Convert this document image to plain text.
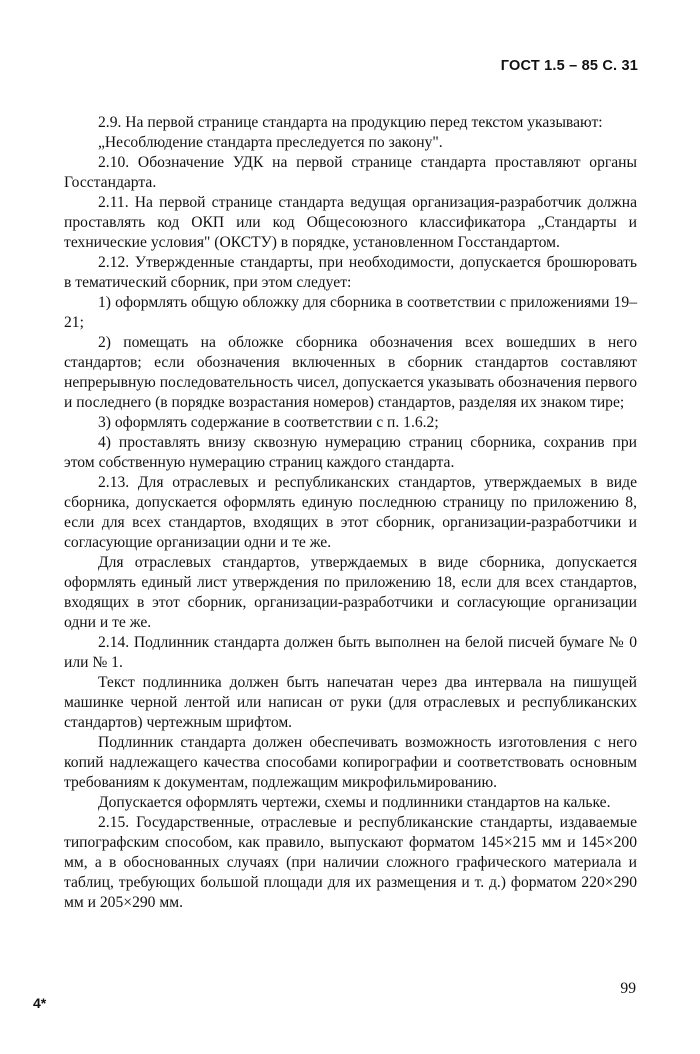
ГОСТ 1.5 – 85 С. 31

2.9. На первой странице стандарта на продукцию перед текстом указывают:

„Несоблюдение стандарта преследуется по закону".

2.10. Обозначение УДК на первой странице стандарта проставляют органы Госстандарта.

2.11. На первой странице стандарта ведущая организация-разработчик должна проставлять код ОКП или код Общесоюзного классификатора „Стандарты и технические условия" (ОКСТУ) в порядке, установленном Госстандартом.

2.12. Утвержденные стандарты, при необходимости, допускается брошюровать в тематический сборник, при этом следует:

1) оформлять общую обложку для сборника в соответствии с приложениями 19–21;

2) помещать на обложке сборника обозначения всех вошедших в него стандартов; если обозначения включенных в сборник стандартов составляют непрерывную последовательность чисел, допускается указывать обозначения первого и последнего (в порядке возрастания номеров) стандартов, разделяя их знаком тире;

3) оформлять содержание в соответствии с п. 1.6.2;

4) проставлять внизу сквозную нумерацию страниц сборника, сохранив при этом собственную нумерацию страниц каждого стандарта.

2.13. Для отраслевых и республиканских стандартов, утверждаемых в виде сборника, допускается оформлять единую последнюю страницу по приложению 8, если для всех стандартов, входящих в этот сборник, организации-разработчики и согласующие организации одни и те же.

Для отраслевых стандартов, утверждаемых в виде сборника, допускается оформлять единый лист утверждения по приложению 18, если для всех стандартов, входящих в этот сборник, организации-разработчики и согласующие организации одни и те же.

2.14. Подлинник стандарта должен быть выполнен на белой писчей бумаге № 0 или № 1.

Текст подлинника должен быть напечатан через два интервала на пишущей машинке черной лентой или написан от руки (для отраслевых и республиканских стандартов) чертежным шрифтом.

Подлинник стандарта должен обеспечивать возможность изготовления с него копий надлежащего качества способами копирографии и соответствовать основным требованиям к документам, подлежащим микрофильмированию.

Допускается оформлять чертежи, схемы и подлинники стандартов на кальке.

2.15. Государственные, отраслевые и республиканские стандарты, издаваемые типографским способом, как правило, выпускают форматом 145×215 мм и 145×200 мм, а в обоснованных случаях (при наличии сложного графического материала и таблиц, требующих большой площади для их размещения и т. д.) форматом 220×290 мм и 205×290 мм.

99
4*
